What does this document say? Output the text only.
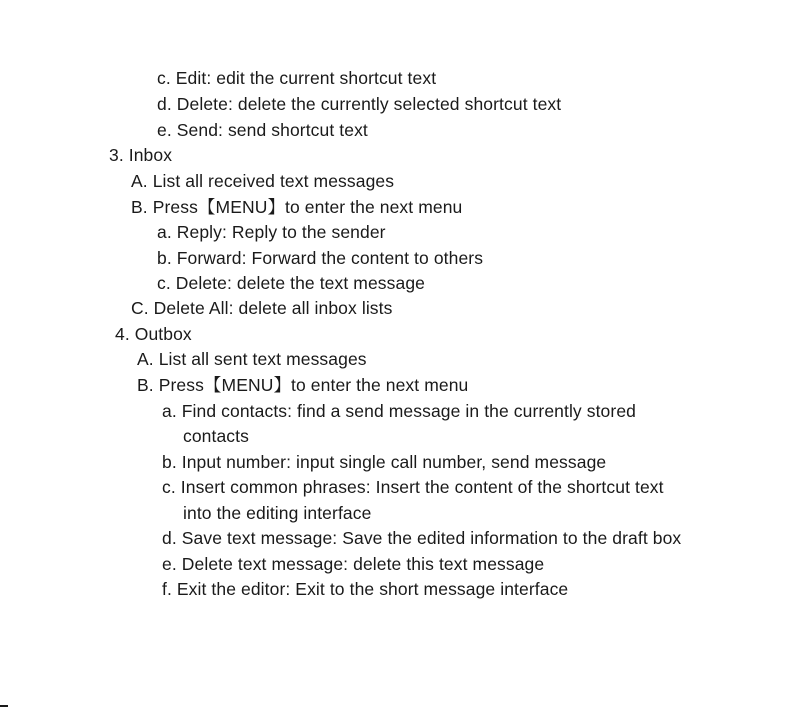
c. Edit: edit the current shortcut text
d. Delete: delete the currently selected shortcut text
e. Send: send shortcut text
3. Inbox
A. List all received text messages
B. Press【MENU】to enter the next menu
a. Reply: Reply to the sender
b. Forward: Forward the content to others
c. Delete: delete the text message
C. Delete All: delete all inbox lists
4. Outbox
A. List all sent text messages
B. Press【MENU】to enter the next menu
a. Find contacts: find a send message in the currently stored
contacts
b. Input number: input single call number, send message
c. Insert common phrases: Insert the content of the shortcut text
into the editing interface
d. Save text message: Save the edited information to the draft box
e. Delete text message: delete this text message
f. Exit the editor: Exit to the short message interface
